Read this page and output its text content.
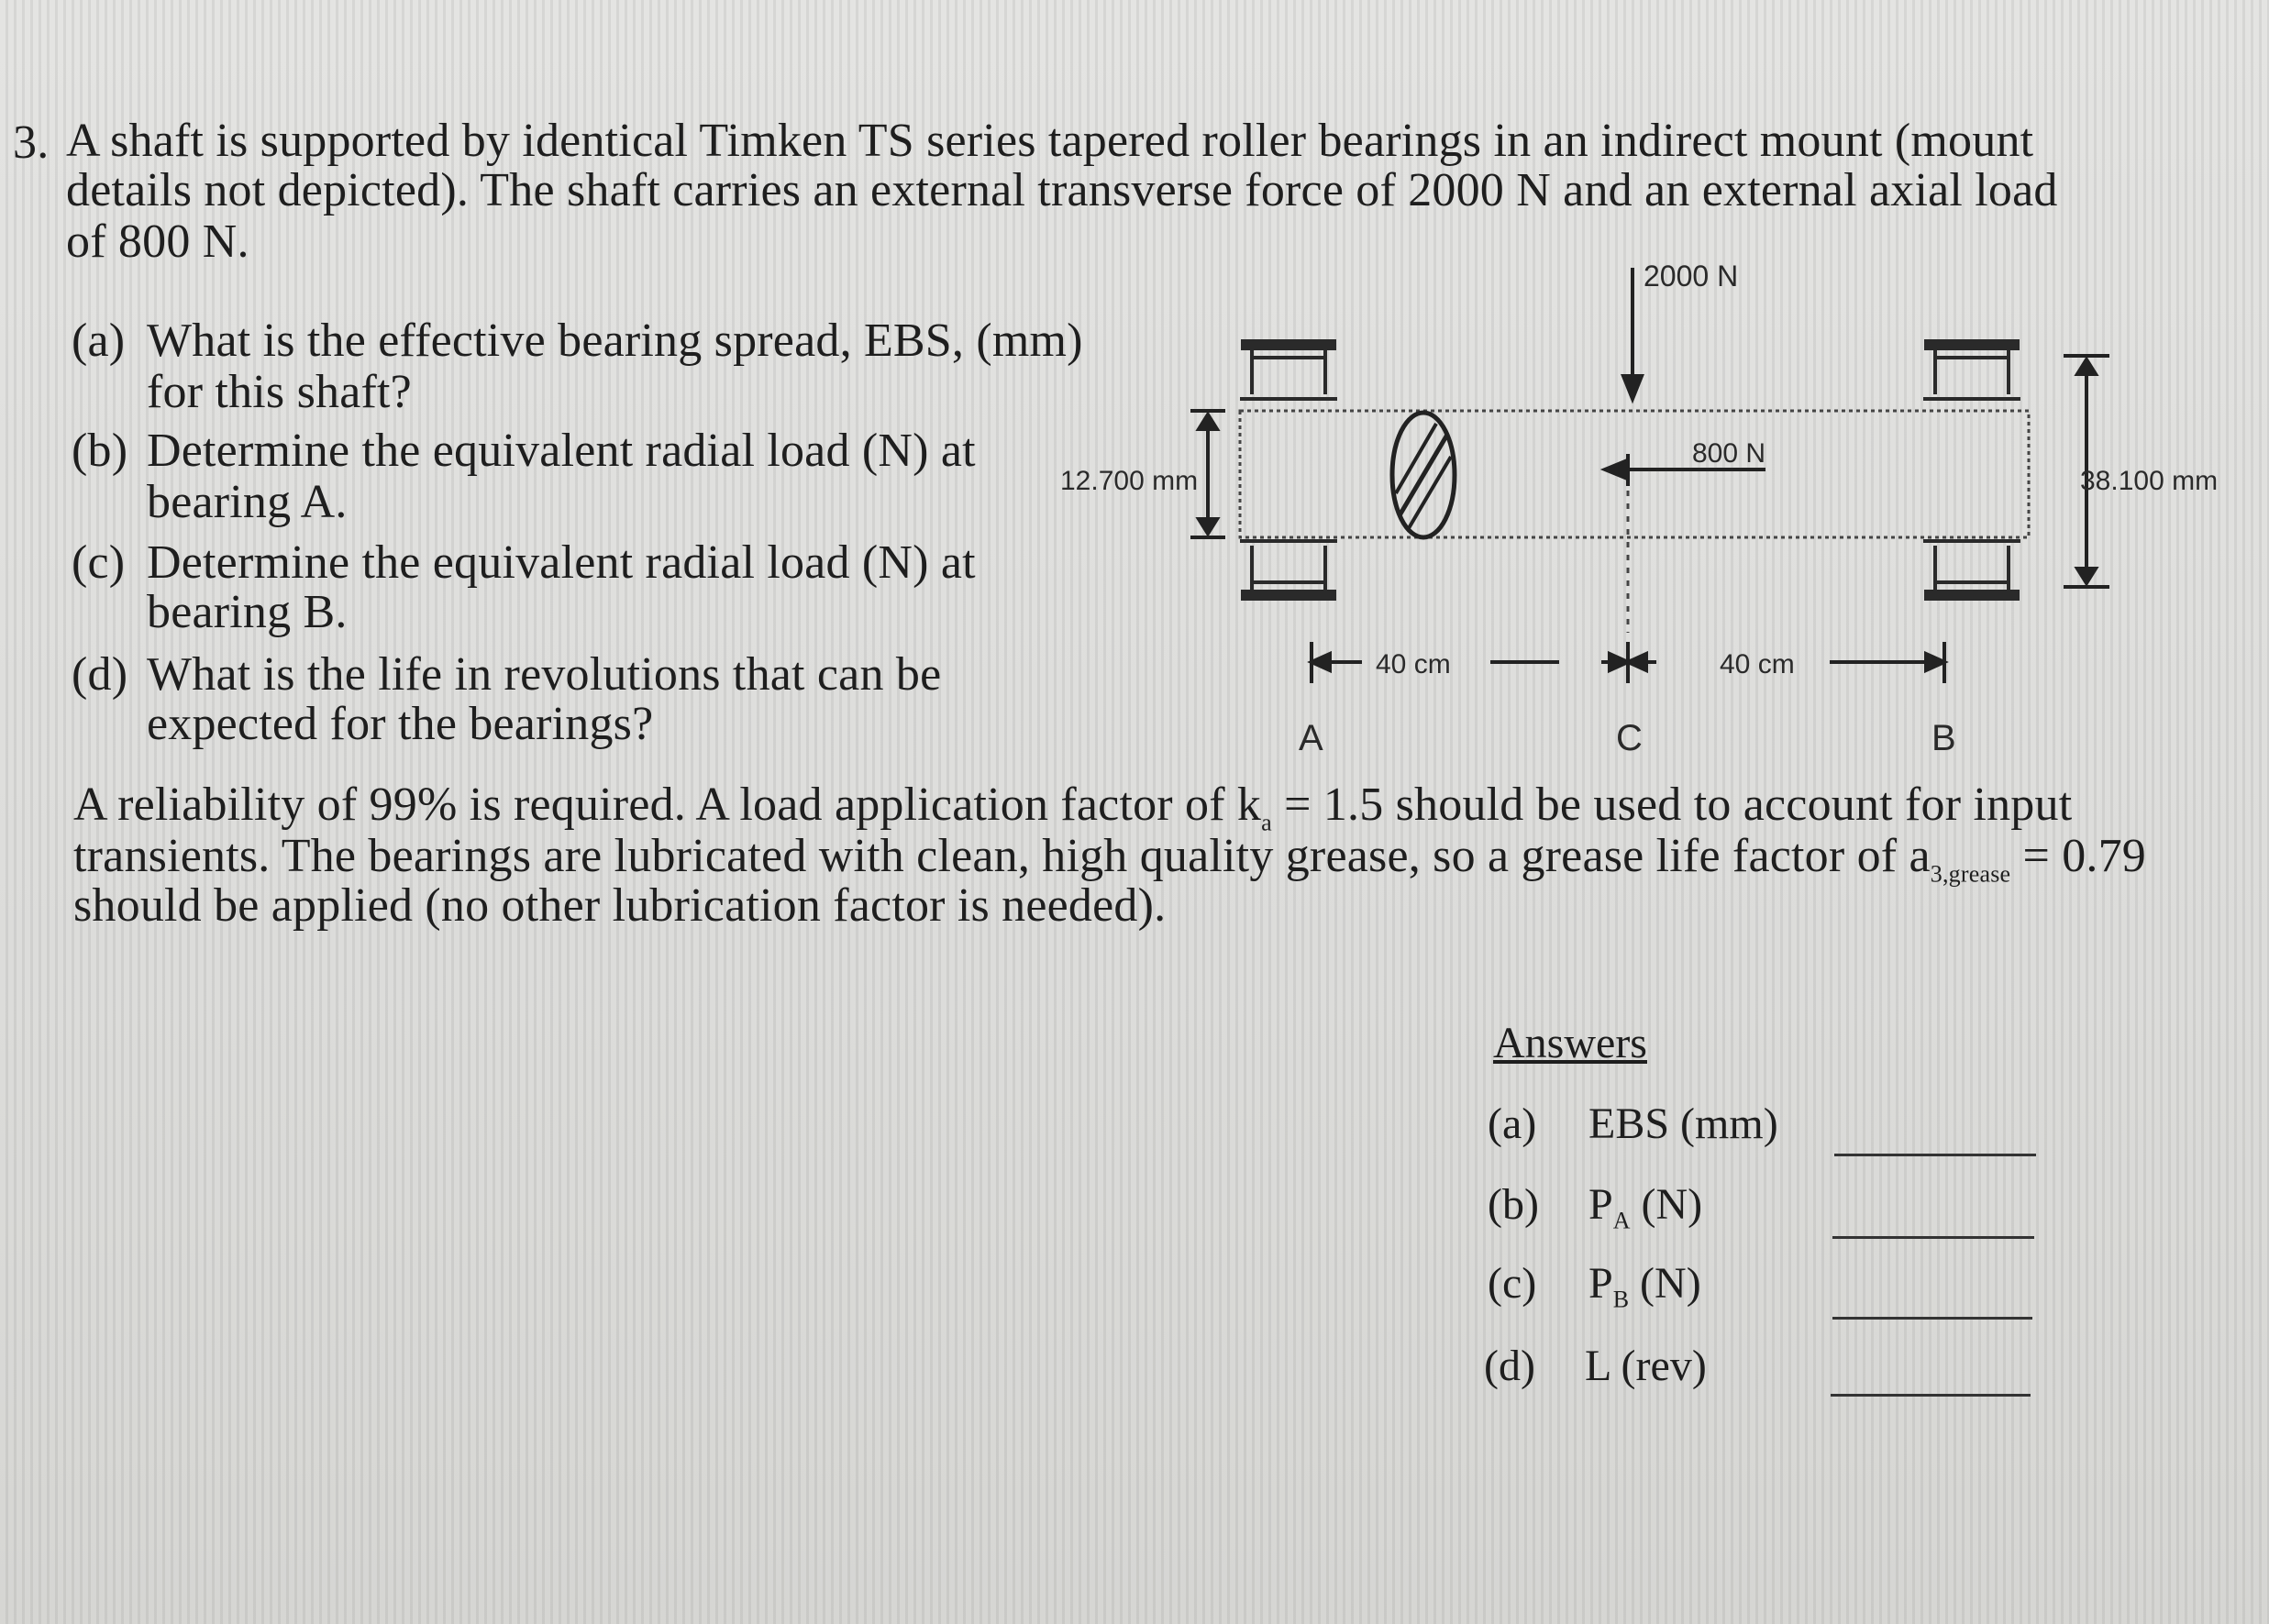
3. A shaft is supported by identical Timken TS series tapered roller bearings in an indirect mount (mount
details not depicted). The shaft carries an external transverse force of 2000 N and an external axial load
of 800 N.
(a) What is the effective bearing spread, EBS, (mm)
for this shaft?
(b) Determine the equivalent radial load (N) at
bearing A.
(c) Determine the equivalent radial load (N) at
bearing B.
(d) What is the life in revolutions that can be
expected for the bearings?
A reliability of 99% is required. A load application factor of $k_a = 1.5$ should be used to account for input
transients. The bearings are lubricated with clean, high quality grease, so a grease life factor of $a_{3,grease} = 0.79$
should be applied (no other lubrication factor is needed).
2000 N
800 N
12.700 mm	38.100 mm
40 cm	40 cm
A	C	B
Answers
(a) EBS (mm)
(b) $P_A$ (N)
(c) $P_B$ (N)
(d) L (rev)
